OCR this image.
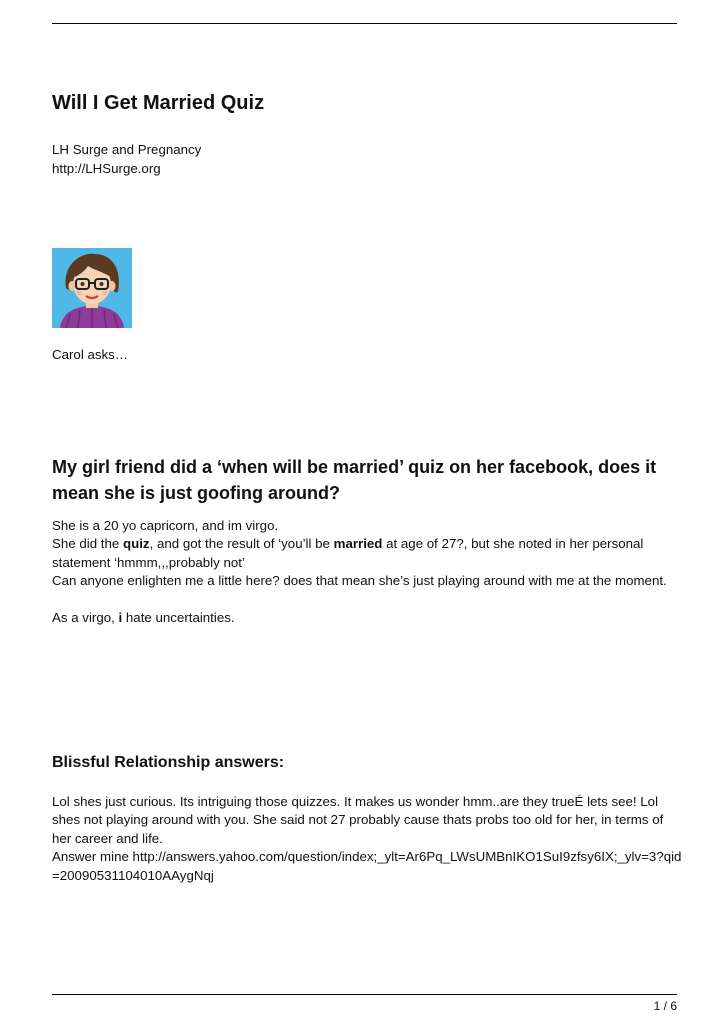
Will I Get Married Quiz
LH Surge and Pregnancy
http://LHSurge.org
Carol asks…
My girl friend did a ‘when will be married’ quiz on her facebook, does it mean she is just goofing around?

She is a 20 yo capricorn, and im virgo.

She did the quiz, and got the result of ‘you’ll be married at age of 27?, but she noted in her personal statement ‘hmmm,,,probably not’

Can anyone enlighten me a little here? does that mean she’s just playing around with me at the moment.

As a virgo, i hate uncertainties.

Blissful Relationship answers:

Lol shes just curious. Its intriguing those quizzes. It makes us wonder hmm..are they trueÉ lets see! Lol shes not playing around with you. She said not 27 probably cause thats probs too old for her, in terms of her career and life.

Answer mine http://answers.yahoo.com/question/index;_ylt=Ar6Pq_LWsUMBnIKO1SuI9zfsy6IX;_ylv=3?qid=20090531104010AAygNqj

1 / 6
